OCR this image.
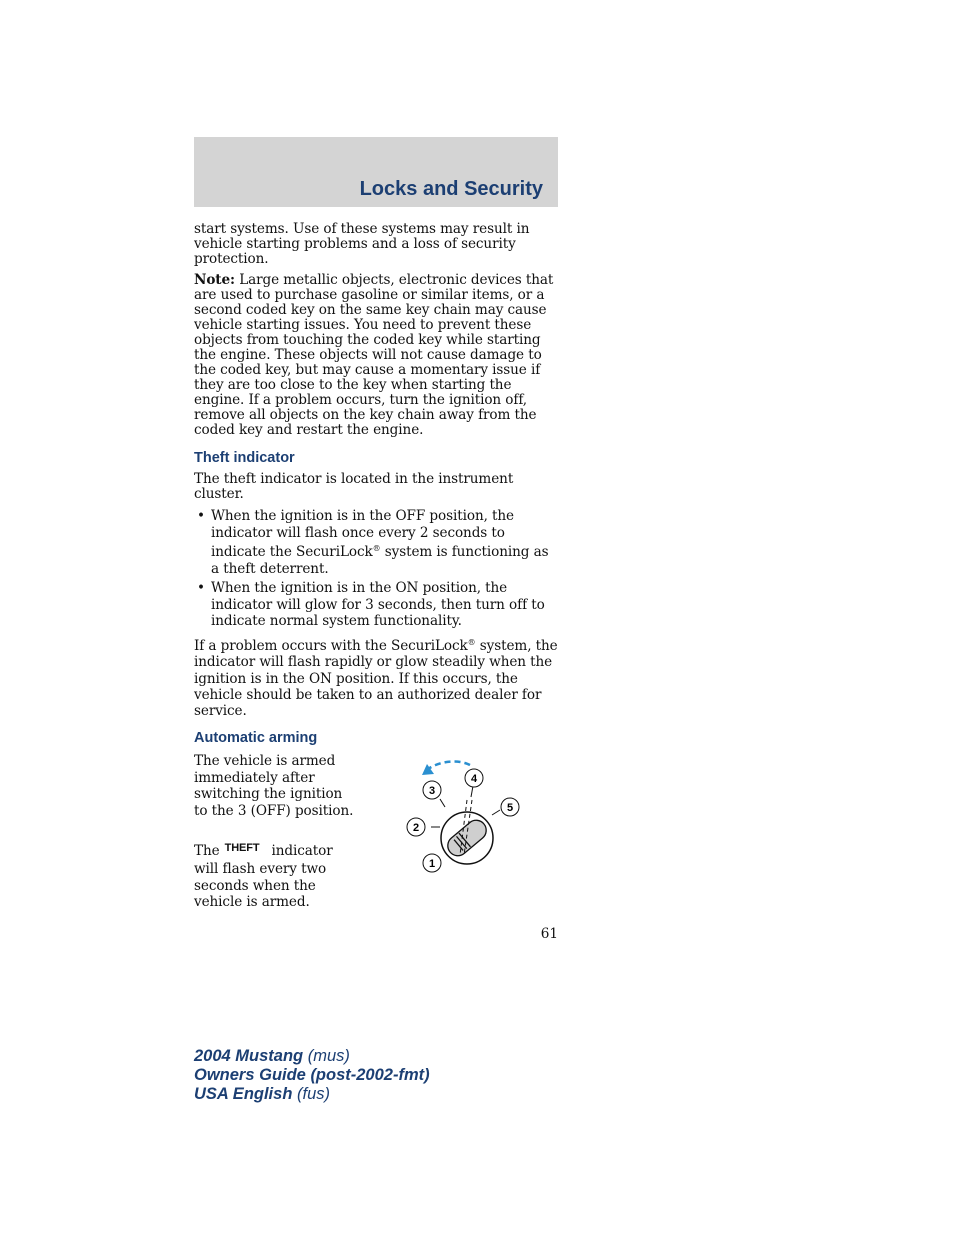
Locks and Security

start systems. Use of these systems may result in vehicle starting problems and a loss of security protection.

Note: Large metallic objects, electronic devices that are used to purchase gasoline or similar items, or a second coded key on the same key chain may cause vehicle starting issues. You need to prevent these objects from touching the coded key while starting the engine. These objects will not cause damage to the coded key, but may cause a momentary issue if they are too close to the key when starting the engine. If a problem occurs, turn the ignition off, remove all objects on the key chain away from the coded key and restart the engine.

Theft indicator

The theft indicator is located in the instrument cluster.

• When the ignition is in the OFF position, the indicator will flash once every 2 seconds to indicate the SecuriLock® system is functioning as a theft deterrent.

• When the ignition is in the ON position, the indicator will glow for 3 seconds, then turn off to indicate normal system functionality.

If a problem occurs with the SecuriLock® system, the indicator will flash rapidly or glow steadily when the ignition is in the ON position. If this occurs, the vehicle should be taken to an authorized dealer for service.

Automatic arming

The vehicle is armed immediately after switching the ignition to the 3 (OFF) position.

The $^{THEFT}$ indicator will flash every two seconds when the vehicle is armed.

1
2
3
4
5
61
2004 Mustang (mus)
Owners Guide (post-2002-fmt)
USA English (fus)
